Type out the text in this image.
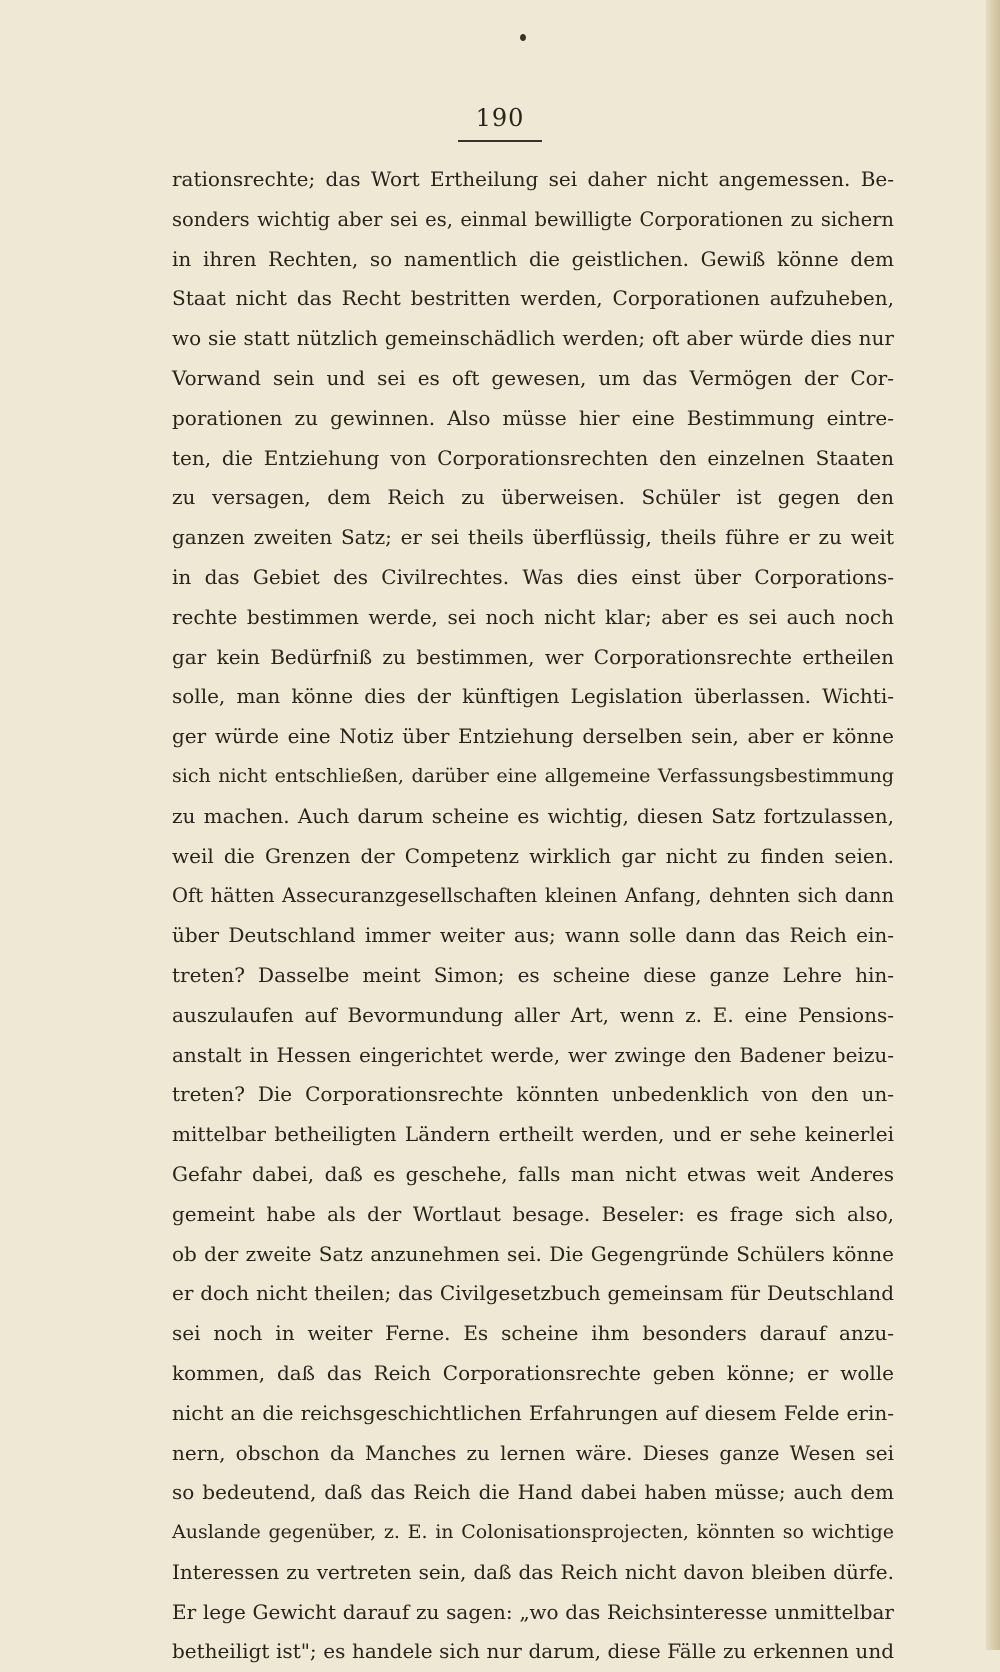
190
rationsrechte; das Wort Ertheilung sei daher nicht angemessen. Be-
sonders wichtig aber sei es, einmal bewilligte Corporationen zu sichern
in ihren Rechten, so namentlich die geistlichen. Gewiß könne dem
Staat nicht das Recht bestritten werden, Corporationen aufzuheben,
wo sie statt nützlich gemeinschädlich werden; oft aber würde dies nur
Vorwand sein und sei es oft gewesen, um das Vermögen der Cor-
porationen zu gewinnen. Also müsse hier eine Bestimmung eintre-
ten, die Entziehung von Corporationsrechten den einzelnen Staaten
zu versagen, dem Reich zu überweisen. Schüler ist gegen den
ganzen zweiten Satz; er sei theils überflüssig, theils führe er zu weit
in das Gebiet des Civilrechtes. Was dies einst über Corporations-
rechte bestimmen werde, sei noch nicht klar; aber es sei auch noch
gar kein Bedürfniß zu bestimmen, wer Corporationsrechte ertheilen
solle, man könne dies der künftigen Legislation überlassen. Wichti-
ger würde eine Notiz über Entziehung derselben sein, aber er könne
sich nicht entschließen, darüber eine allgemeine Verfassungsbestimmung
zu machen. Auch darum scheine es wichtig, diesen Satz fortzulassen,
weil die Grenzen der Competenz wirklich gar nicht zu finden seien.
Oft hätten Assecuranzgesellschaften kleinen Anfang, dehnten sich dann
über Deutschland immer weiter aus; wann solle dann das Reich ein-
treten? Dasselbe meint Simon; es scheine diese ganze Lehre hin-
auszulaufen auf Bevormundung aller Art, wenn z. E. eine Pensions-
anstalt in Hessen eingerichtet werde, wer zwinge den Badener beizu-
treten? Die Corporationsrechte könnten unbedenklich von den un-
mittelbar betheiligten Ländern ertheilt werden, und er sehe keinerlei
Gefahr dabei, daß es geschehe, falls man nicht etwas weit Anderes
gemeint habe als der Wortlaut besage. Beseler: es frage sich also,
ob der zweite Satz anzunehmen sei. Die Gegengründe Schülers könne
er doch nicht theilen; das Civilgesetzbuch gemeinsam für Deutschland
sei noch in weiter Ferne. Es scheine ihm besonders darauf anzu-
kommen, daß das Reich Corporationsrechte geben könne; er wolle
nicht an die reichsgeschichtlichen Erfahrungen auf diesem Felde erin-
nern, obschon da Manches zu lernen wäre. Dieses ganze Wesen sei
so bedeutend, daß das Reich die Hand dabei haben müsse; auch dem
Auslande gegenüber, z. E. in Colonisationsprojecten, könnten so wichtige
Interessen zu vertreten sein, daß das Reich nicht davon bleiben dürfe.
Er lege Gewicht darauf zu sagen: „wo das Reichsinteresse unmittelbar
betheiligt ist"; es handele sich nur darum, diese Fälle zu erkennen und
